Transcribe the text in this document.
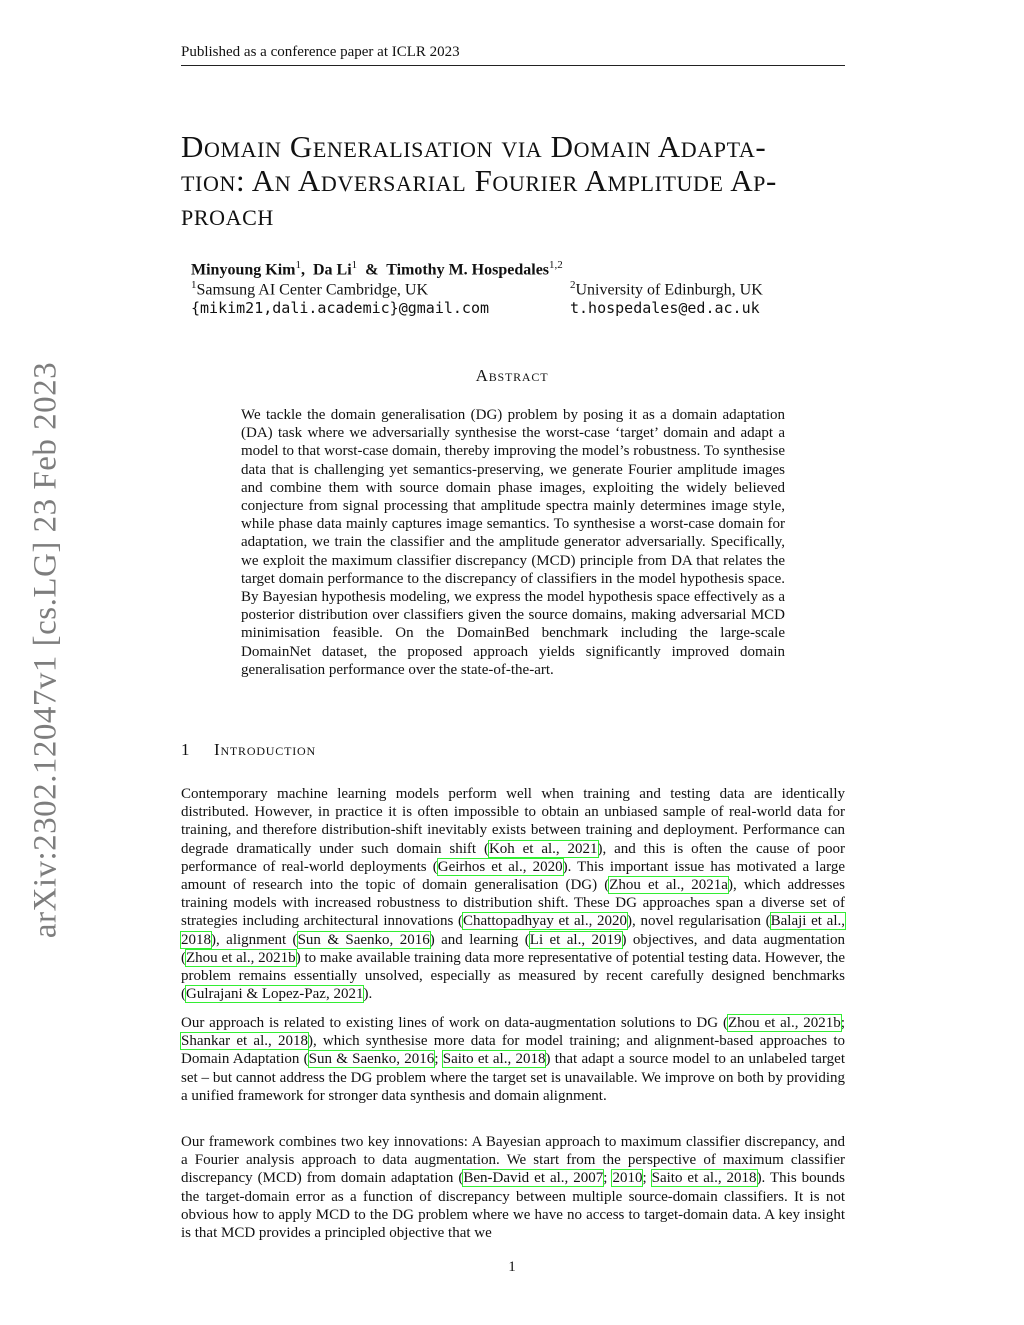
Published as a conference paper at ICLR 2023
arXiv:2302.12047v1 [cs.LG] 23 Feb 2023
Domain Generalisation via Domain Adapta-
tion: An Adversarial Fourier Amplitude Ap-
proach
Minyoung Kim$^1$,  Da Li$^1$  &  Timothy M. Hospedales$^{1,2}$
$^1$Samsung AI Center Cambridge, UK	$^2$University of Edinburgh, UK
{mikim21,dali.academic}@gmail.com	t.hospedales@ed.ac.uk
Abstract
We tackle the domain generalisation (DG) problem by posing it as a domain adaptation (DA) task where we adversarially synthesise the worst-case ‘target’ domain and adapt a model to that worst-case domain, thereby improving the model’s robustness. To synthesise data that is challenging yet semantics-preserving, we generate Fourier amplitude images and combine them with source domain phase images, exploiting the widely believed conjecture from signal processing that amplitude spectra mainly determines image style, while phase data mainly captures image semantics. To synthesise a worst-case domain for adaptation, we train the classifier and the amplitude generator adversarially. Specifically, we exploit the maximum classifier discrepancy (MCD) principle from DA that relates the target domain performance to the discrepancy of classifiers in the model hypothesis space. By Bayesian hypothesis modeling, we express the model hypothesis space effectively as a posterior distribution over classifiers given the source domains, making adversarial MCD minimisation feasible. On the DomainBed benchmark including the large-scale DomainNet dataset, the proposed approach yields significantly improved domain generalisation performance over the state-of-the-art.
1 Introduction
Contemporary machine learning models perform well when training and testing data are identically distributed. However, in practice it is often impossible to obtain an unbiased sample of real-world data for training, and therefore distribution-shift inevitably exists between training and deployment. Performance can degrade dramatically under such domain shift (Koh et al., 2021), and this is often the cause of poor performance of real-world deployments (Geirhos et al., 2020). This important issue has motivated a large amount of research into the topic of domain generalisation (DG) (Zhou et al., 2021a), which addresses training models with increased robustness to distribution shift. These DG approaches span a diverse set of strategies including architectural innovations (Chattopadhyay et al., 2020), novel regularisation (Balaji et al., 2018), alignment (Sun & Saenko, 2016) and learning (Li et al., 2019) objectives, and data augmentation (Zhou et al., 2021b) to make available training data more representative of potential testing data. However, the problem remains essentially unsolved, especially as measured by recent carefully designed benchmarks (Gulrajani & Lopez-Paz, 2021).
Our approach is related to existing lines of work on data-augmentation solutions to DG (Zhou et al., 2021b; Shankar et al., 2018), which synthesise more data for model training; and alignment-based approaches to Domain Adaptation (Sun & Saenko, 2016; Saito et al., 2018) that adapt a source model to an unlabeled target set – but cannot address the DG problem where the target set is unavailable. We improve on both by providing a unified framework for stronger data synthesis and domain alignment.
Our framework combines two key innovations: A Bayesian approach to maximum classifier discrepancy, and a Fourier analysis approach to data augmentation. We start from the perspective of maximum classifier discrepancy (MCD) from domain adaptation (Ben-David et al., 2007; 2010; Saito et al., 2018). This bounds the target-domain error as a function of discrepancy between multiple source-domain classifiers. It is not obvious how to apply MCD to the DG problem where we have no access to target-domain data. A key insight is that MCD provides a principled objective that we
1
